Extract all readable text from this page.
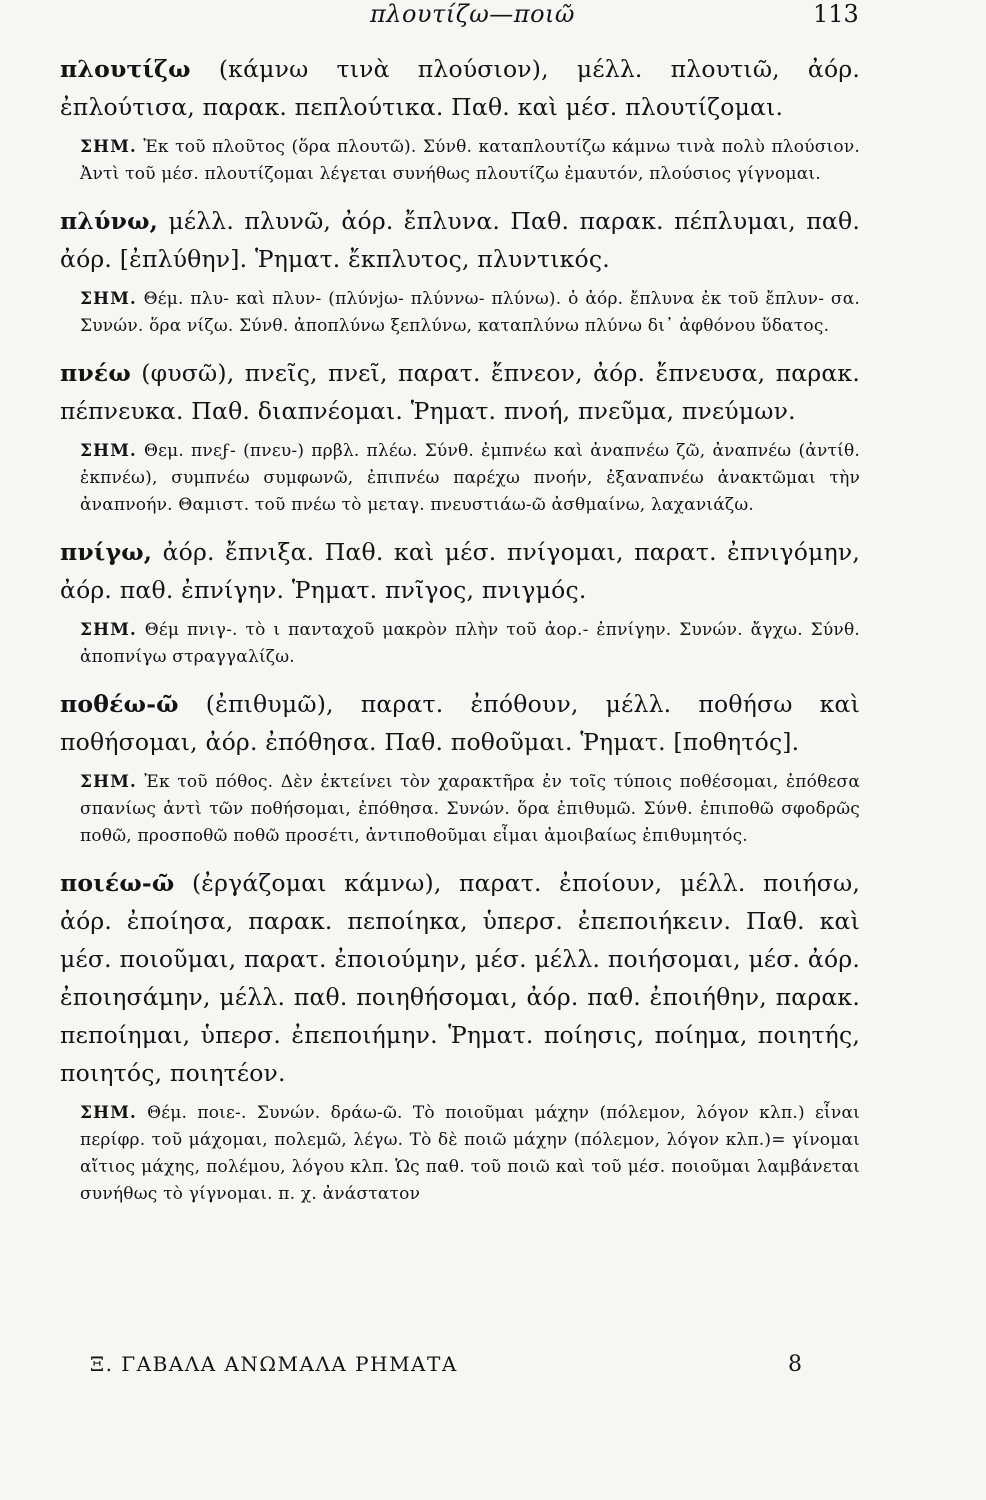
πλουτίζω—ποιῶ	113

πλουτίζω (κάμνω τινὰ πλούσιον), μέλλ. πλουτιῶ, ἀόρ. ἐπλούτισα, παρακ. πεπλούτικα. Παθ. καὶ μέσ. πλουτίζομαι.

ΣΗΜ. Ἐκ τοῦ πλοῦτος (ὅρα πλουτῶ). Σύνθ. καταπλουτίζω κάμνω τινὰ πολὺ πλούσιον. Ἀντὶ τοῦ μέσ. πλουτίζομαι λέγεται συνήθως πλουτίζω ἐμαυτόν, πλούσιος γίγνομαι.

πλύνω, μέλλ. πλυνῶ, ἀόρ. ἔπλυνα. Παθ. παρακ. πέπλυμαι, παθ. ἀόρ. [ἐπλύθην]. Ῥηματ. ἔκπλυτος, πλυντικός.

ΣΗΜ. Θέμ. πλυ- καὶ πλυν- (πλύνjω- πλύννω- πλύνω). ὁ ἀόρ. ἔπλυνα ἐκ τοῦ ἔπλυν- σα. Συνών. ὅρα νίζω. Σύνθ. ἀποπλύνω ξεπλύνω, καταπλύνω πλύνω δι᾽ ἀφθόνου ὕδατος.

πνέω (φυσῶ), πνεῖς, πνεῖ, παρατ. ἔπνεον, ἀόρ. ἔπνευσα, παρακ. πέπνευκα. Παθ. διαπνέομαι. Ῥηματ. πνοή, πνεῦμα, πνεύμων.

ΣΗΜ. Θεμ. πνεϝ- (πνευ-) πρβλ. πλέω. Σύνθ. ἐμπνέω καὶ ἀναπνέω ζῶ, ἀναπνέω (ἀντίθ. ἐκπνέω), συμπνέω συμφωνῶ, ἐπιπνέω παρέχω πνοήν, ἐξαναπνέω ἀνακτῶμαι τὴν ἀναπνοήν. Θαμιστ. τοῦ πνέω τὸ μεταγ. πνευστιάω-ῶ ἀσθμαίνω, λαχανιάζω.

πνίγω, ἀόρ. ἔπνιξα. Παθ. καὶ μέσ. πνίγομαι, παρατ. ἐπνιγόμην, ἀόρ. παθ. ἐπνίγην. Ῥηματ. πνῖγος, πνιγμός.

ΣΗΜ. Θέμ πνιγ-. τὸ ι πανταχοῦ μακρὸν πλὴν τοῦ ἀορ.- ἐπνίγην. Συνών. ἄγχω. Σύνθ. ἀποπνίγω στραγγαλίζω.

ποθέω-ῶ (ἐπιθυμῶ), παρατ. ἐπόθουν, μέλλ. ποθήσω καὶ ποθήσομαι, ἀόρ. ἐπόθησα. Παθ. ποθοῦμαι. Ῥηματ. [ποθητός].

ΣΗΜ. Ἐκ τοῦ πόθος. Δὲν ἐκτείνει τὸν χαρακτῆρα ἐν τοῖς τύποις ποθέσομαι, ἐπόθεσα σπανίως ἀντὶ τῶν ποθήσομαι, ἐπόθησα. Συνών. ὅρα ἐπιθυμῶ. Σύνθ. ἐπιποθῶ σφοδρῶς ποθῶ, προσποθῶ ποθῶ προσέτι, ἀντιποθοῦμαι εἶμαι ἀμοιβαίως ἐπιθυμητός.

ποιέω-ῶ (ἐργάζομαι κάμνω), παρατ. ἐποίουν, μέλλ. ποιήσω, ἀόρ. ἐποίησα, παρακ. πεποίηκα, ὑπερσ. ἐπεποιήκειν. Παθ. καὶ μέσ. ποιοῦμαι, παρατ. ἐποιούμην, μέσ. μέλλ. ποιήσομαι, μέσ. ἀόρ. ἐποιησάμην, μέλλ. παθ. ποιηθήσομαι, ἀόρ. παθ. ἐποιήθην, παρακ. πεποίημαι, ὑπερσ. ἐπεποιήμην. Ῥηματ. ποίησις, ποίημα, ποιητής, ποιητός, ποιητέον.

ΣΗΜ. Θέμ. ποιε-. Συνών. δράω-ῶ. Τὸ ποιοῦμαι μάχην (πόλεμον, λόγον κλπ.) εἶναι περίφρ. τοῦ μάχομαι, πολεμῶ, λέγω. Τὸ δὲ ποιῶ μάχην (πόλεμον, λόγον κλπ.)= γίνομαι αἴτιος μάχης, πολέμου, λόγου κλπ. Ὡς παθ. τοῦ ποιῶ καὶ τοῦ μέσ. ποιοῦμαι λαμβάνεται συνήθως τὸ γίγνομαι. π. χ. ἀνάστατον

Ξ. ΓΑΒΑΛΑ ΑΝΩΜΑΛΑ ΡΗΜΑΤΑ	8
